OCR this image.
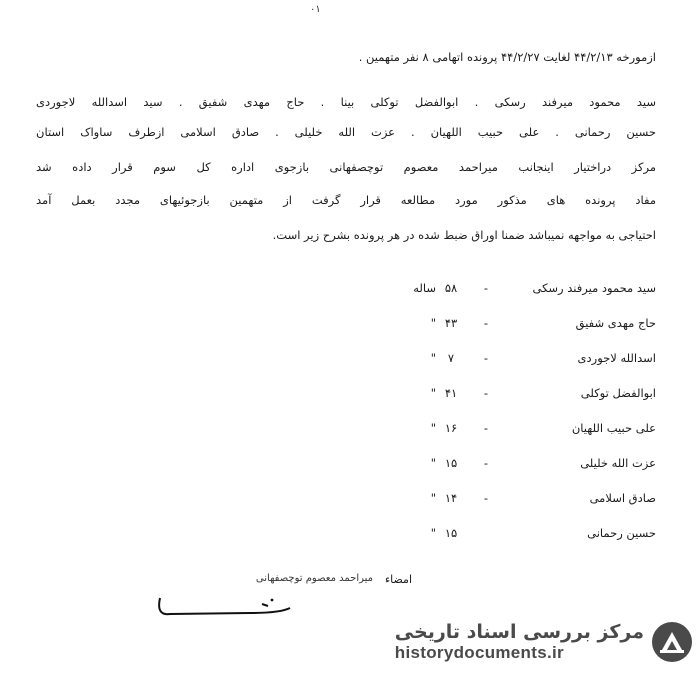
٠١
ازمورخه ۴۴/۲/۱۳ لغایت ۴۴/۲/۲۷ پرونده اتهامی ۸ نفر متهمین .
سید محمود میرفند رسکی . ابوالفضل توکلی بینا . حاج مهدی شفیق . سید اسدالله لاجوردی
حسین رحمانی . علی حبیب اللهیان . عزت الله خلیلی . صادق اسلامی ازطرف ساواک استان
مرکز دراختیار اینجانب میراحمد معصوم توچصفهانی بازجوی اداره کل سوم قرار داده شد
مفاد پرونده های مذکور مورد مطالعه قرار گرفت از متهمین بازجوئیهای مجدد بعمل آمد
احتیاجی به مواجهه نمیباشد ضمنا اوراق ضبط شده در هر پرونده بشرح زیر است.
سید محمود میرفند رسکی
-
۵۸
ساله
حاج مهدی شفیق
-
۴۳
"
اسدالله لاجوردی
-
۷
"
ابوالفضل توکلی
-
۴۱
"
علی حبیب اللهیان
-
۱۶
"
عزت الله خلیلی
-
۱۵
"
صادق اسلامی
-
۱۴
"
حسین رحمانی
۱۵
"
امضاء
میراحمد معصوم توچصفهانی
مرکز بررسی اسناد تاریخی
historydocuments.ir
